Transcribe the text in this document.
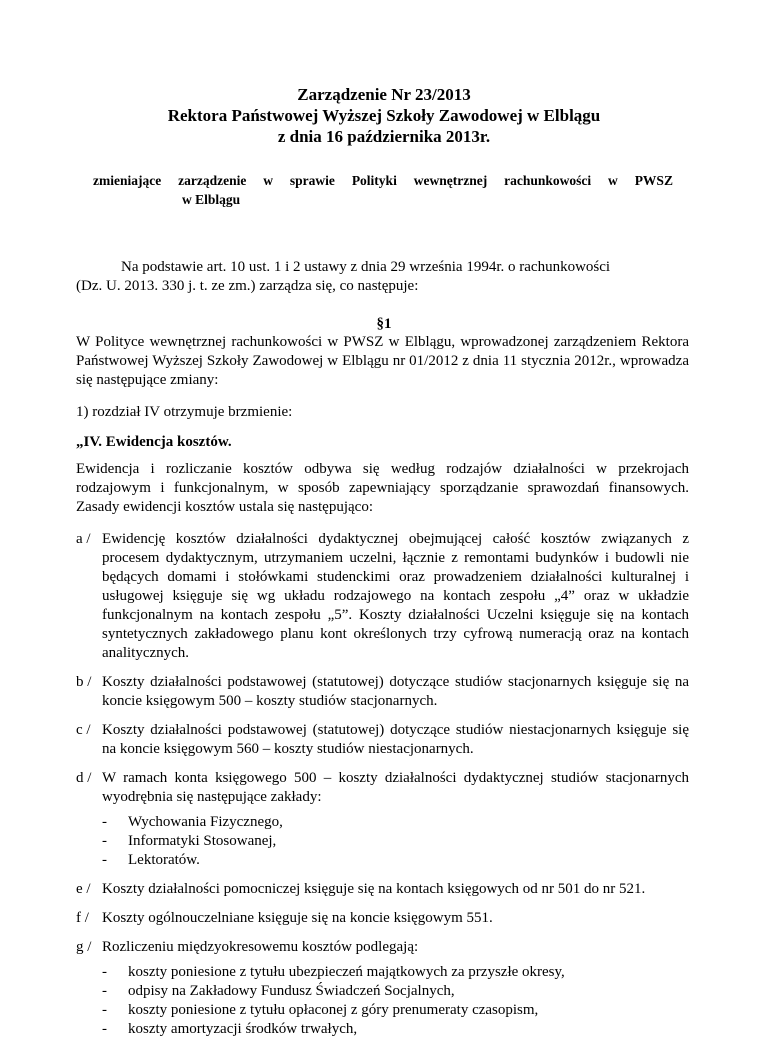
Zarządzenie Nr 23/2013
Rektora Państwowej Wyższej Szkoły Zawodowej w Elblągu
z dnia 16 października 2013r.
zmieniające zarządzenie w sprawie Polityki wewnętrznej rachunkowości w PWSZ
w Elblągu

Na podstawie art. 10 ust. 1 i 2 ustawy z dnia 29 września 1994r. o rachunkowości

(Dz. U. 2013. 330 j. t. ze zm.) zarządza się, co następuje:

§1

W Polityce wewnętrznej rachunkowości w PWSZ w Elblągu, wprowadzonej zarządzeniem Rektora Państwowej Wyższej Szkoły Zawodowej w Elblągu nr 01/2012 z dnia 11 stycznia 2012r., wprowadza się następujące zmiany:

1) rozdział IV otrzymuje brzmienie:

„IV. Ewidencja kosztów.

Ewidencja i rozliczanie kosztów odbywa się według rodzajów działalności w przekrojach rodzajowym i funkcjonalnym, w sposób zapewniający sporządzanie sprawozdań finansowych. Zasady ewidencji kosztów ustala się następująco:

a / Ewidencję kosztów działalności dydaktycznej obejmującej całość kosztów związanych z procesem dydaktycznym, utrzymaniem uczelni, łącznie z remontami budynków i budowli nie będących domami i stołówkami studenckimi oraz prowadzeniem działalności kulturalnej i usługowej księguje się wg układu rodzajowego na kontach zespołu „4” oraz w układzie funkcjonalnym na kontach zespołu „5”. Koszty działalności Uczelni księguje się na kontach syntetycznych zakładowego planu kont określonych trzy cyfrową numeracją oraz na kontach analitycznych.
b / Koszty działalności podstawowej (statutowej) dotyczące studiów stacjonarnych księguje się na koncie księgowym 500 – koszty studiów stacjonarnych.
c / Koszty działalności podstawowej (statutowej) dotyczące studiów niestacjonarnych księguje się na koncie księgowym 560 – koszty studiów niestacjonarnych.
d / W ramach konta księgowego 500 – koszty działalności dydaktycznej studiów stacjonarnych wyodrębnia się następujące zakłady:
-	Wychowania Fizycznego,
-	Informatyki Stosowanej,
-	Lektoratów.
e / Koszty działalności pomocniczej księguje się na kontach księgowych od nr 501 do nr 521.
f / Koszty ogólnouczelniane księguje się na koncie księgowym 551.
g / Rozliczeniu międzyokresowemu kosztów podlegają:
-	koszty poniesione z tytułu ubezpieczeń majątkowych za przyszłe okresy,
-	odpisy na Zakładowy Fundusz Świadczeń Socjalnych,
-	koszty poniesione z tytułu opłaconej z góry prenumeraty czasopism,
-	koszty amortyzacji środków trwałych,
